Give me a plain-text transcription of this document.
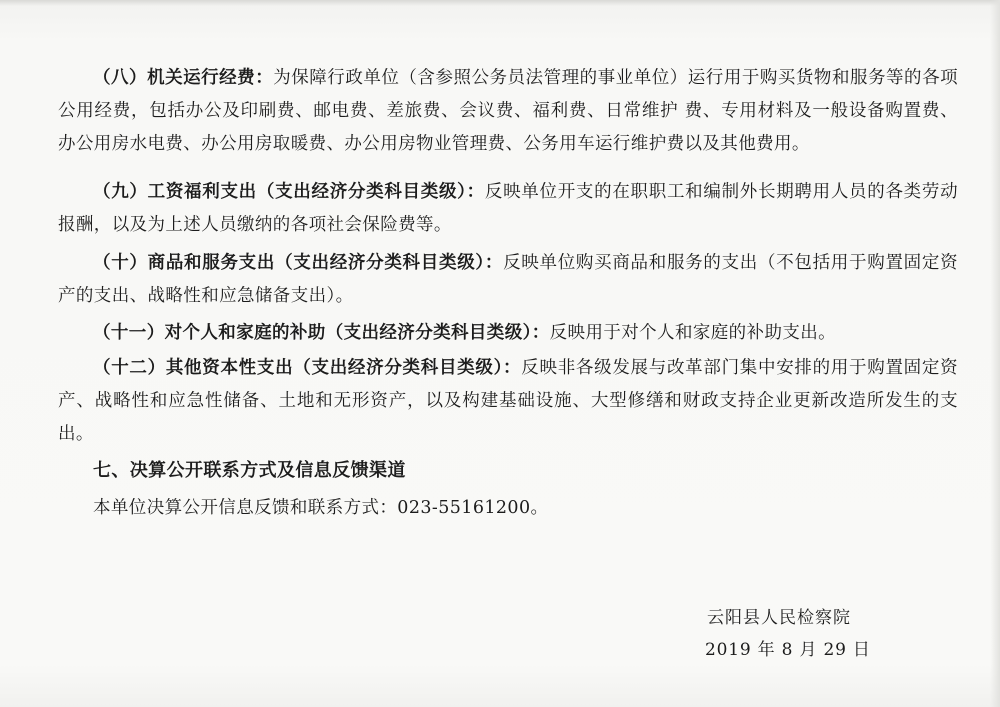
（八）机关运行经费：为保障行政单位（含参照公务员法管理的事业单位）运行用于购买货物和服务等的各项公用经费，包括办公及印刷费、邮电费、差旅费、会议费、福利费、日常维护 费、专用材料及一般设备购置费、办公用房水电费、办公用房取暖费、办公用房物业管理费、公务用车运行维护费以及其他费用。

（九）工资福利支出（支出经济分类科目类级）：反映单位开支的在职职工和编制外长期聘用人员的各类劳动报酬，以及为上述人员缴纳的各项社会保险费等。

（十）商品和服务支出（支出经济分类科目类级）：反映单位购买商品和服务的支出（不包括用于购置固定资产的支出、战略性和应急储备支出）。

（十一）对个人和家庭的补助（支出经济分类科目类级）：反映用于对个人和家庭的补助支出。

（十二）其他资本性支出（支出经济分类科目类级）：反映非各级发展与改革部门集中安排的用于购置固定资产、战略性和应急性储备、土地和无形资产，以及构建基础设施、大型修缮和财政支持企业更新改造所发生的支出。

七、决算公开联系方式及信息反馈渠道

本单位决算公开信息反馈和联系方式：023-55161200。

云阳县人民检察院

2019 年 8 月 29 日
